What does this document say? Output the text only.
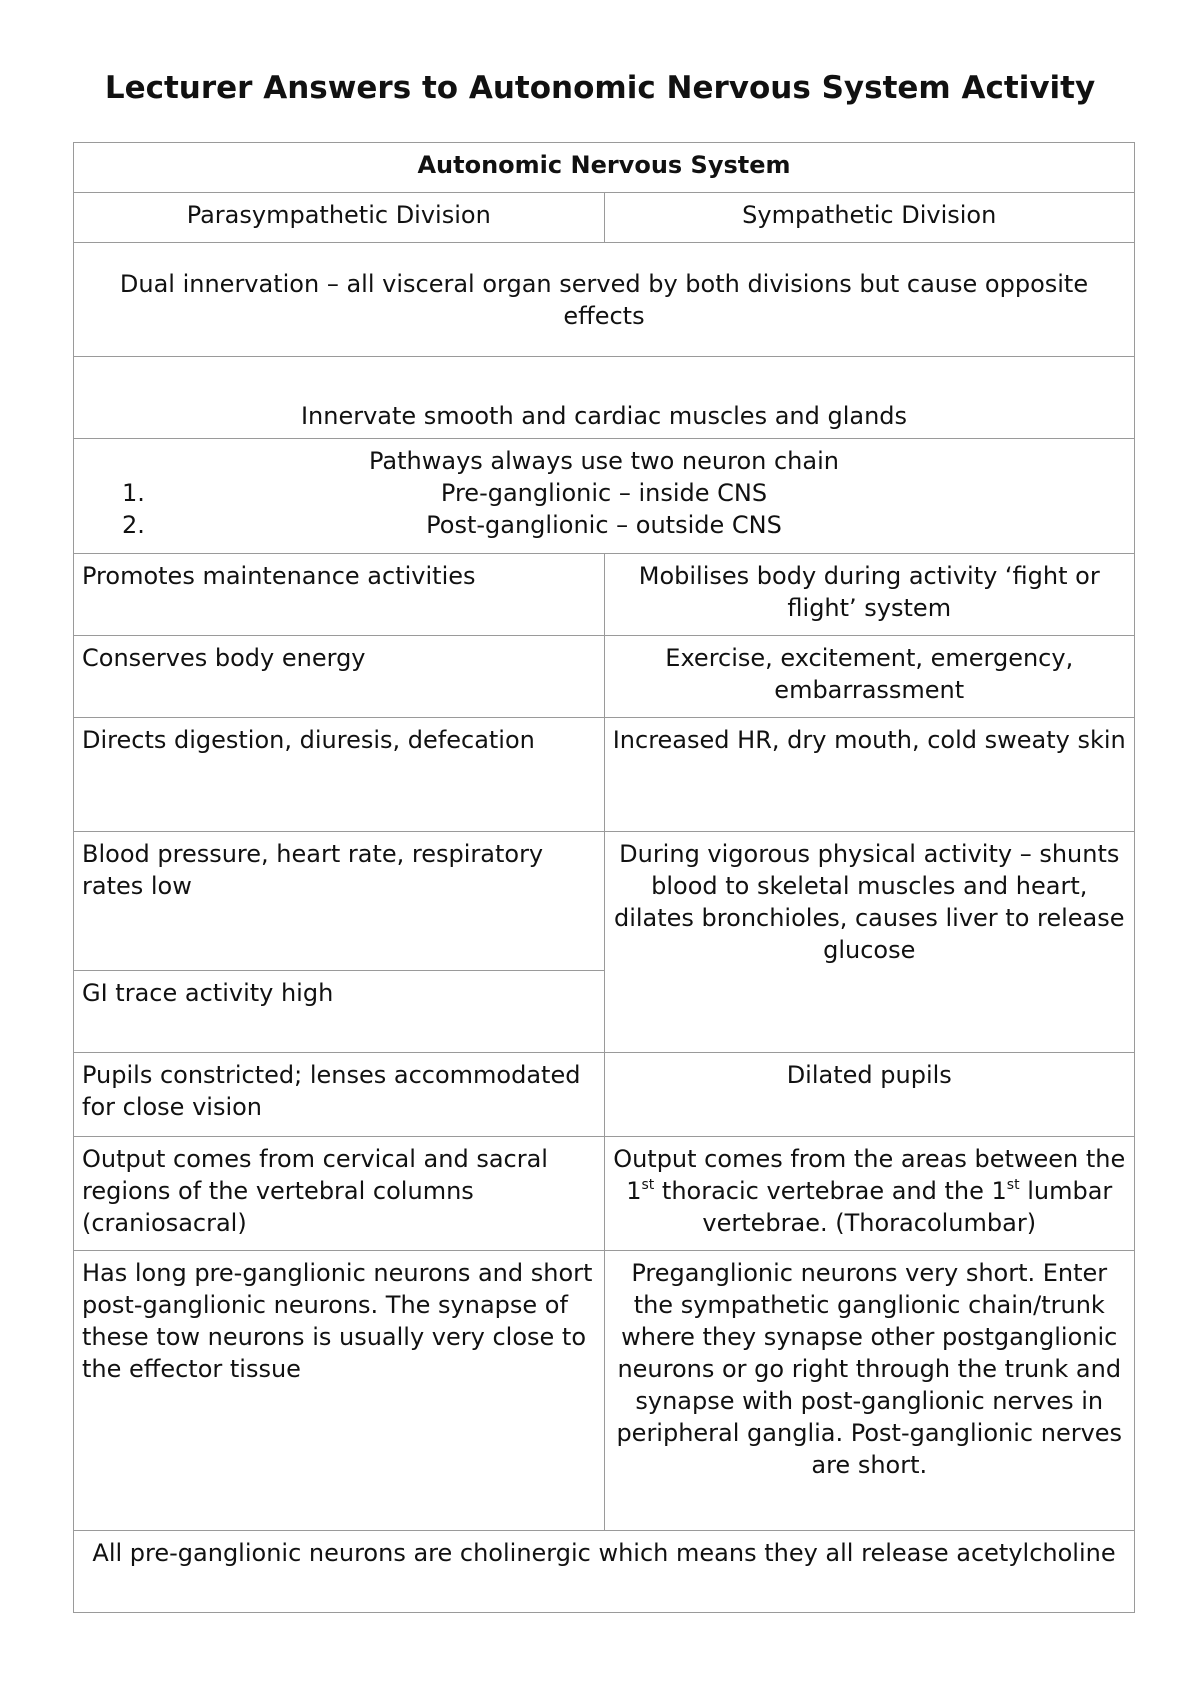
Lecturer Answers to Autonomic Nervous System Activity
Autonomic Nervous System	
Parasympathetic Division	Sympathetic Division
Dual innervation – all visceral organ served by both divisions but cause opposite effects	
Innervate smooth and cardiac muscles and glands	

Pathways always use two neuron chain
1. Pre-ganglionic – inside CNS
2. Post-ganglionic – outside CNS	

Promotes maintenance activities	Mobilises body during activity ‘fight or flight’ system
Conserves body energy	Exercise, excitement, emergency, embarrassment
Directs digestion, diuresis, defecation	Increased HR, dry mouth, cold sweaty skin
Blood pressure, heart rate, respiratory rates low	During vigorous physical activity – shunts blood to skeletal muscles and heart, dilates bronchioles, causes liver to release glucose
GI trace activity high	
Pupils constricted; lenses accommodated for close vision	Dilated pupils
Output comes from cervical and sacral regions of the vertebral columns (craniosacral)	Output comes from the areas between the 1st thoracic vertebrae and the 1st lumbar vertebrae. (Thoracolumbar)
Has long pre-ganglionic neurons and short post-ganglionic neurons. The synapse of these tow neurons is usually very close to the effector tissue	Preganglionic neurons very short. Enter the sympathetic ganglionic chain/trunk where they synapse other postganglionic neurons or go right through the trunk and synapse with post-ganglionic nerves in peripheral ganglia. Post-ganglionic nerves are short.
All pre-ganglionic neurons are cholinergic which means they all release acetylcholine	
